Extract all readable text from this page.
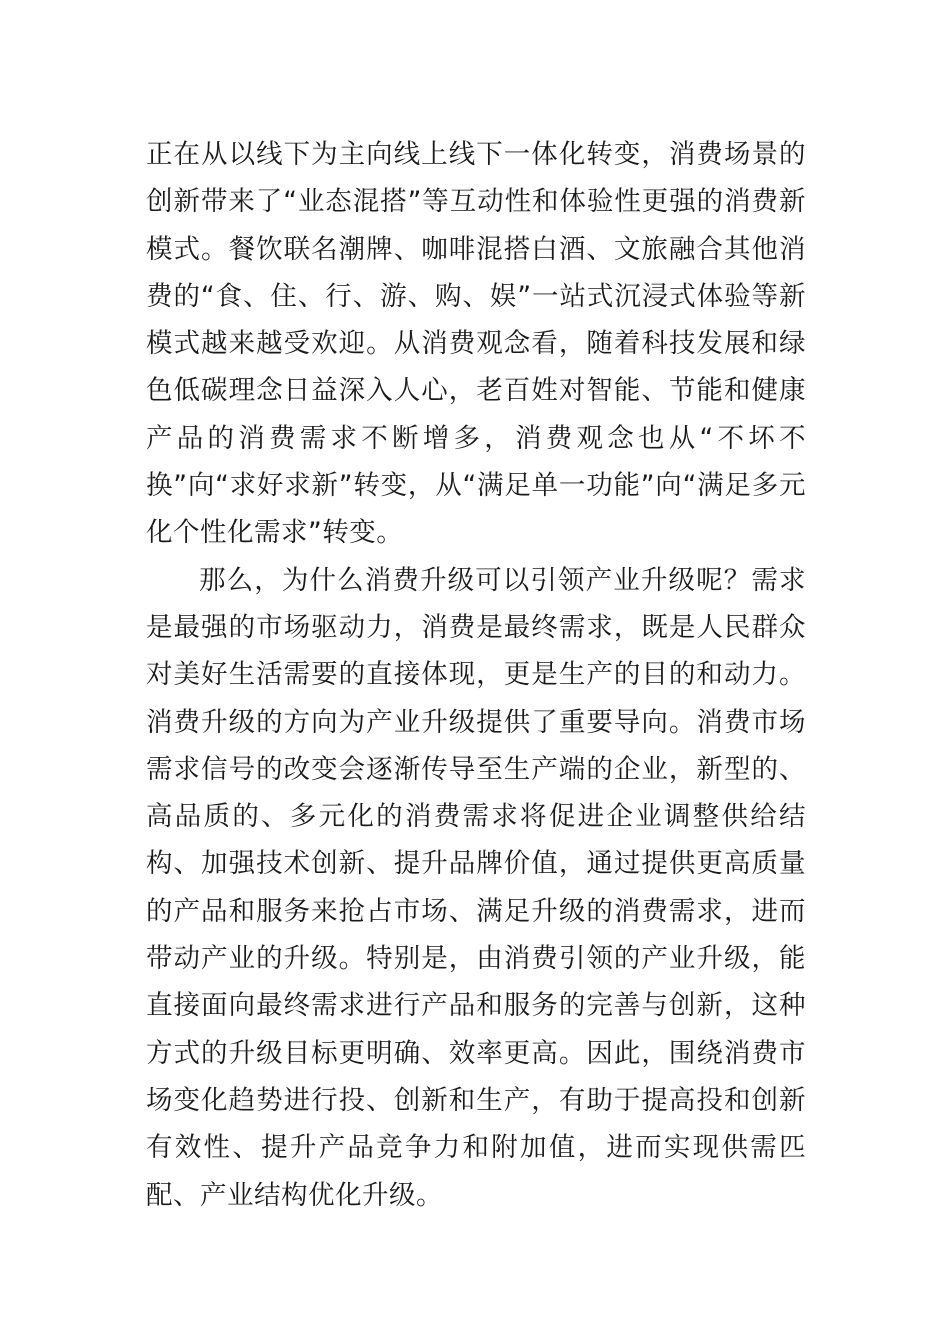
正在从以线下为主向线上线下一体化转变，消费场景的创新带来了“业态混搭”等互动性和体验性更强的消费新模式。餐饮联名潮牌、咖啡混搭白酒、文旅融合其他消费的“食、住、行、游、购、娱”一站式沉浸式体验等新模式越来越受欢迎。从消费观念看，随着科技发展和绿色低碳理念日益深入人心，老百姓对智能、节能和健康产品的消费需求不断增多，消费观念也从“不坏不换”向“求好求新”转变，从“满足单一功能”向“满足多元化个性化需求”转变。

那么，为什么消费升级可以引领产业升级呢？需求是最强的市场驱动力，消费是最终需求，既是人民群众对美好生活需要的直接体现，更是生产的目的和动力。消费升级的方向为产业升级提供了重要导向。消费市场需求信号的改变会逐渐传导至生产端的企业，新型的、高品质的、多元化的消费需求将促进企业调整供给结构、加强技术创新、提升品牌价值，通过提供更高质量的产品和服务来抢占市场、满足升级的消费需求，进而带动产业的升级。特别是，由消费引领的产业升级，能直接面向最终需求进行产品和服务的完善与创新，这种方式的升级目标更明确、效率更高。因此，围绕消费市场变化趋势进行投、创新和生产，有助于提高投和创新有效性、提升产品竞争力和附加值，进而实现供需匹配、产业结构优化升级。
